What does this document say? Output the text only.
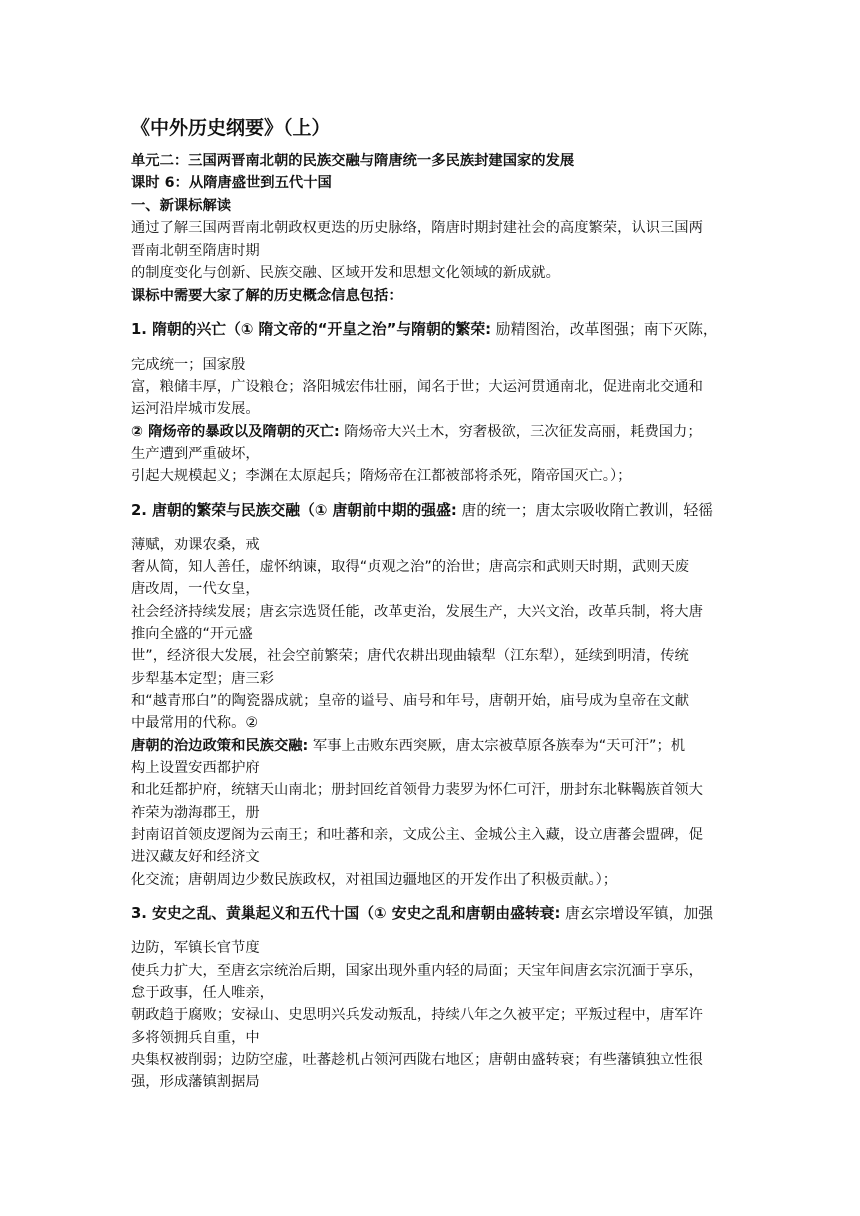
《中外历史纲要》（上）
单元二：三国两晋南北朝的民族交融与隋唐统一多民族封建国家的发展
课时 6：从隋唐盛世到五代十国
一、新课标解读
通过了解三国两晋南北朝政权更迭的历史脉络，隋唐时期封建社会的高度繁荣，认识三国两
晋南北朝至隋唐时期
的制度变化与创新、民族交融、区域开发和思想文化领域的新成就。
课标中需要大家了解的历史概念信息包括：
1. 隋朝的兴亡（① 隋文帝的“开皇之治”与隋朝的繁荣: 励精图治，改革图强；南下灭陈，
完成统一；国家殷
富，粮储丰厚，广设粮仓；洛阳城宏伟壮丽，闻名于世；大运河贯通南北，促进南北交通和
运河沿岸城市发展。
② 隋炀帝的暴政以及隋朝的灭亡: 隋炀帝大兴土木，穷奢极欲，三次征发高丽，耗费国力；
生产遭到严重破坏，
引起大规模起义；李渊在太原起兵；隋炀帝在江都被部将杀死，隋帝国灭亡。）；
2. 唐朝的繁荣与民族交融（① 唐朝前中期的强盛: 唐的统一；唐太宗吸收隋亡教训，轻徭
薄赋，劝课农桑，戒
奢从简，知人善任，虚怀纳谏，取得“贞观之治”的治世；唐高宗和武则天时期，武则天废
唐改周，一代女皇，
社会经济持续发展；唐玄宗选贤任能，改革吏治，发展生产，大兴文治，改革兵制，将大唐
推向全盛的“开元盛
世”，经济很大发展，社会空前繁荣；唐代农耕出现曲辕犁（江东犁），延续到明清，传统
步犁基本定型；唐三彩
和“越青邢白”的陶瓷器成就；皇帝的谥号、庙号和年号，唐朝开始，庙号成为皇帝在文献
中最常用的代称。②
唐朝的治边政策和民族交融: 军事上击败东西突厥，唐太宗被草原各族奉为“天可汗”；机
构上设置安西都护府
和北廷都护府，统辖天山南北；册封回纥首领骨力裴罗为怀仁可汗，册封东北靺鞨族首领大
祚荣为渤海郡王，册
封南诏首领皮逻阁为云南王；和吐蕃和亲，文成公主、金城公主入藏，设立唐蕃会盟碑，促
进汉藏友好和经济文
化交流；唐朝周边少数民族政权，对祖国边疆地区的开发作出了积极贡献。）；
3. 安史之乱、黄巢起义和五代十国（① 安史之乱和唐朝由盛转衰: 唐玄宗增设军镇，加强
边防，军镇长官节度
使兵力扩大，至唐玄宗统治后期，国家出现外重内轻的局面；天宝年间唐玄宗沉湎于享乐，
怠于政事，任人唯亲，
朝政趋于腐败；安禄山、史思明兴兵发动叛乱，持续八年之久被平定；平叛过程中，唐军许
多将领拥兵自重，中
央集权被削弱；边防空虚，吐蕃趁机占领河西陇右地区；唐朝由盛转衰；有些藩镇独立性很
强，形成藩镇割据局
